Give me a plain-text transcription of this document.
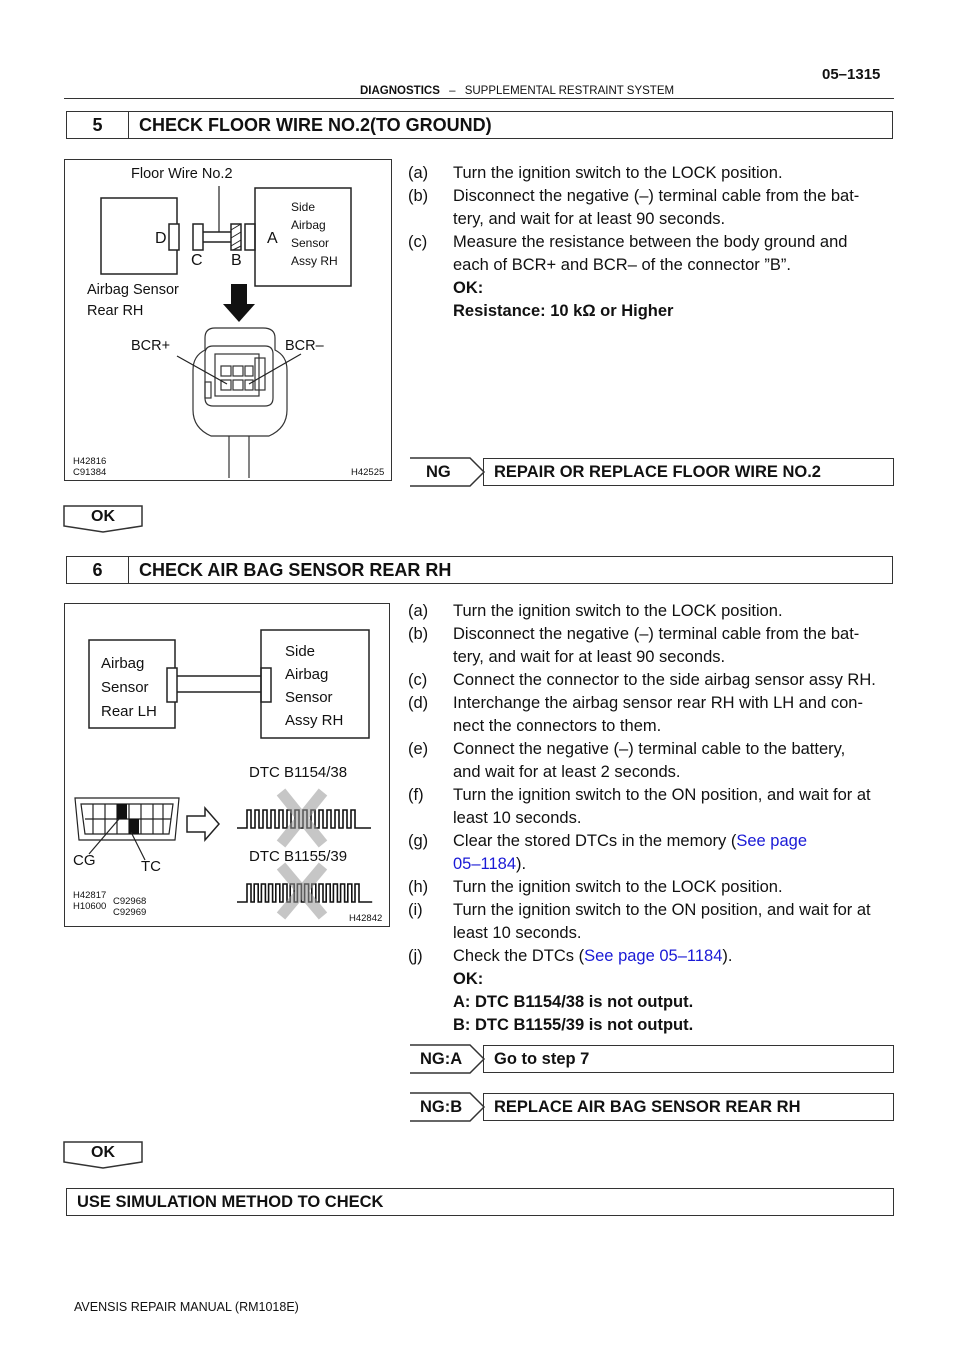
05–1315
DIAGNOSTICS – SUPPLEMENTAL RESTRAINT SYSTEM
5	CHECK FLOOR WIRE NO.2(TO GROUND)
Floor Wire No.2
D
C B
A
Side
Airbag
Sensor
Assy RH
Airbag Sensor
Rear RH
BCR+	BCR–
H42816
C91384	H42525
(a) Turn the ignition switch to the LOCK position.
(b) Disconnect the negative (–) terminal cable from the bat-
tery, and wait for at least 90 seconds.
(c) Measure the resistance between the body ground and
each of BCR+ and BCR– of the connector ”B”.
OK:
Resistance: 10 kΩ or Higher
NG	REPAIR OR REPLACE FLOOR WIRE NO.2
OK
6	CHECK AIR BAG SENSOR REAR RH
Airbag
Sensor
Rear LH
Side
Airbag
Sensor
Assy RH
DTC B1154/38
DTC B1155/39
CG	TC
H42817
H10600 C92968
C92969
H42842
(a) Turn the ignition switch to the LOCK position.
(b) Disconnect the negative (–) terminal cable from the bat-
tery, and wait for at least 90 seconds.
(c) Connect the connector to the side airbag sensor assy RH.
(d) Interchange the airbag sensor rear RH with LH and con-
nect the connectors to them.
(e) Connect the negative (–) terminal cable to the battery,
and wait for at least 2 seconds.
(f) Turn the ignition switch to the ON position, and wait for at
least 10 seconds.
(g) Clear the stored DTCs in the memory (See page
05–1184).
(h) Turn the ignition switch to the LOCK position.
(i) Turn the ignition switch to the ON position, and wait for at
least 10 seconds.
(j) Check the DTCs (See page 05–1184).
OK:
A: DTC B1154/38 is not output.
B: DTC B1155/39 is not output.
NG:A	Go to step 7
NG:B	REPLACE AIR BAG SENSOR REAR RH
OK
USE SIMULATION METHOD TO CHECK
AVENSIS REPAIR MANUAL (RM1018E)
